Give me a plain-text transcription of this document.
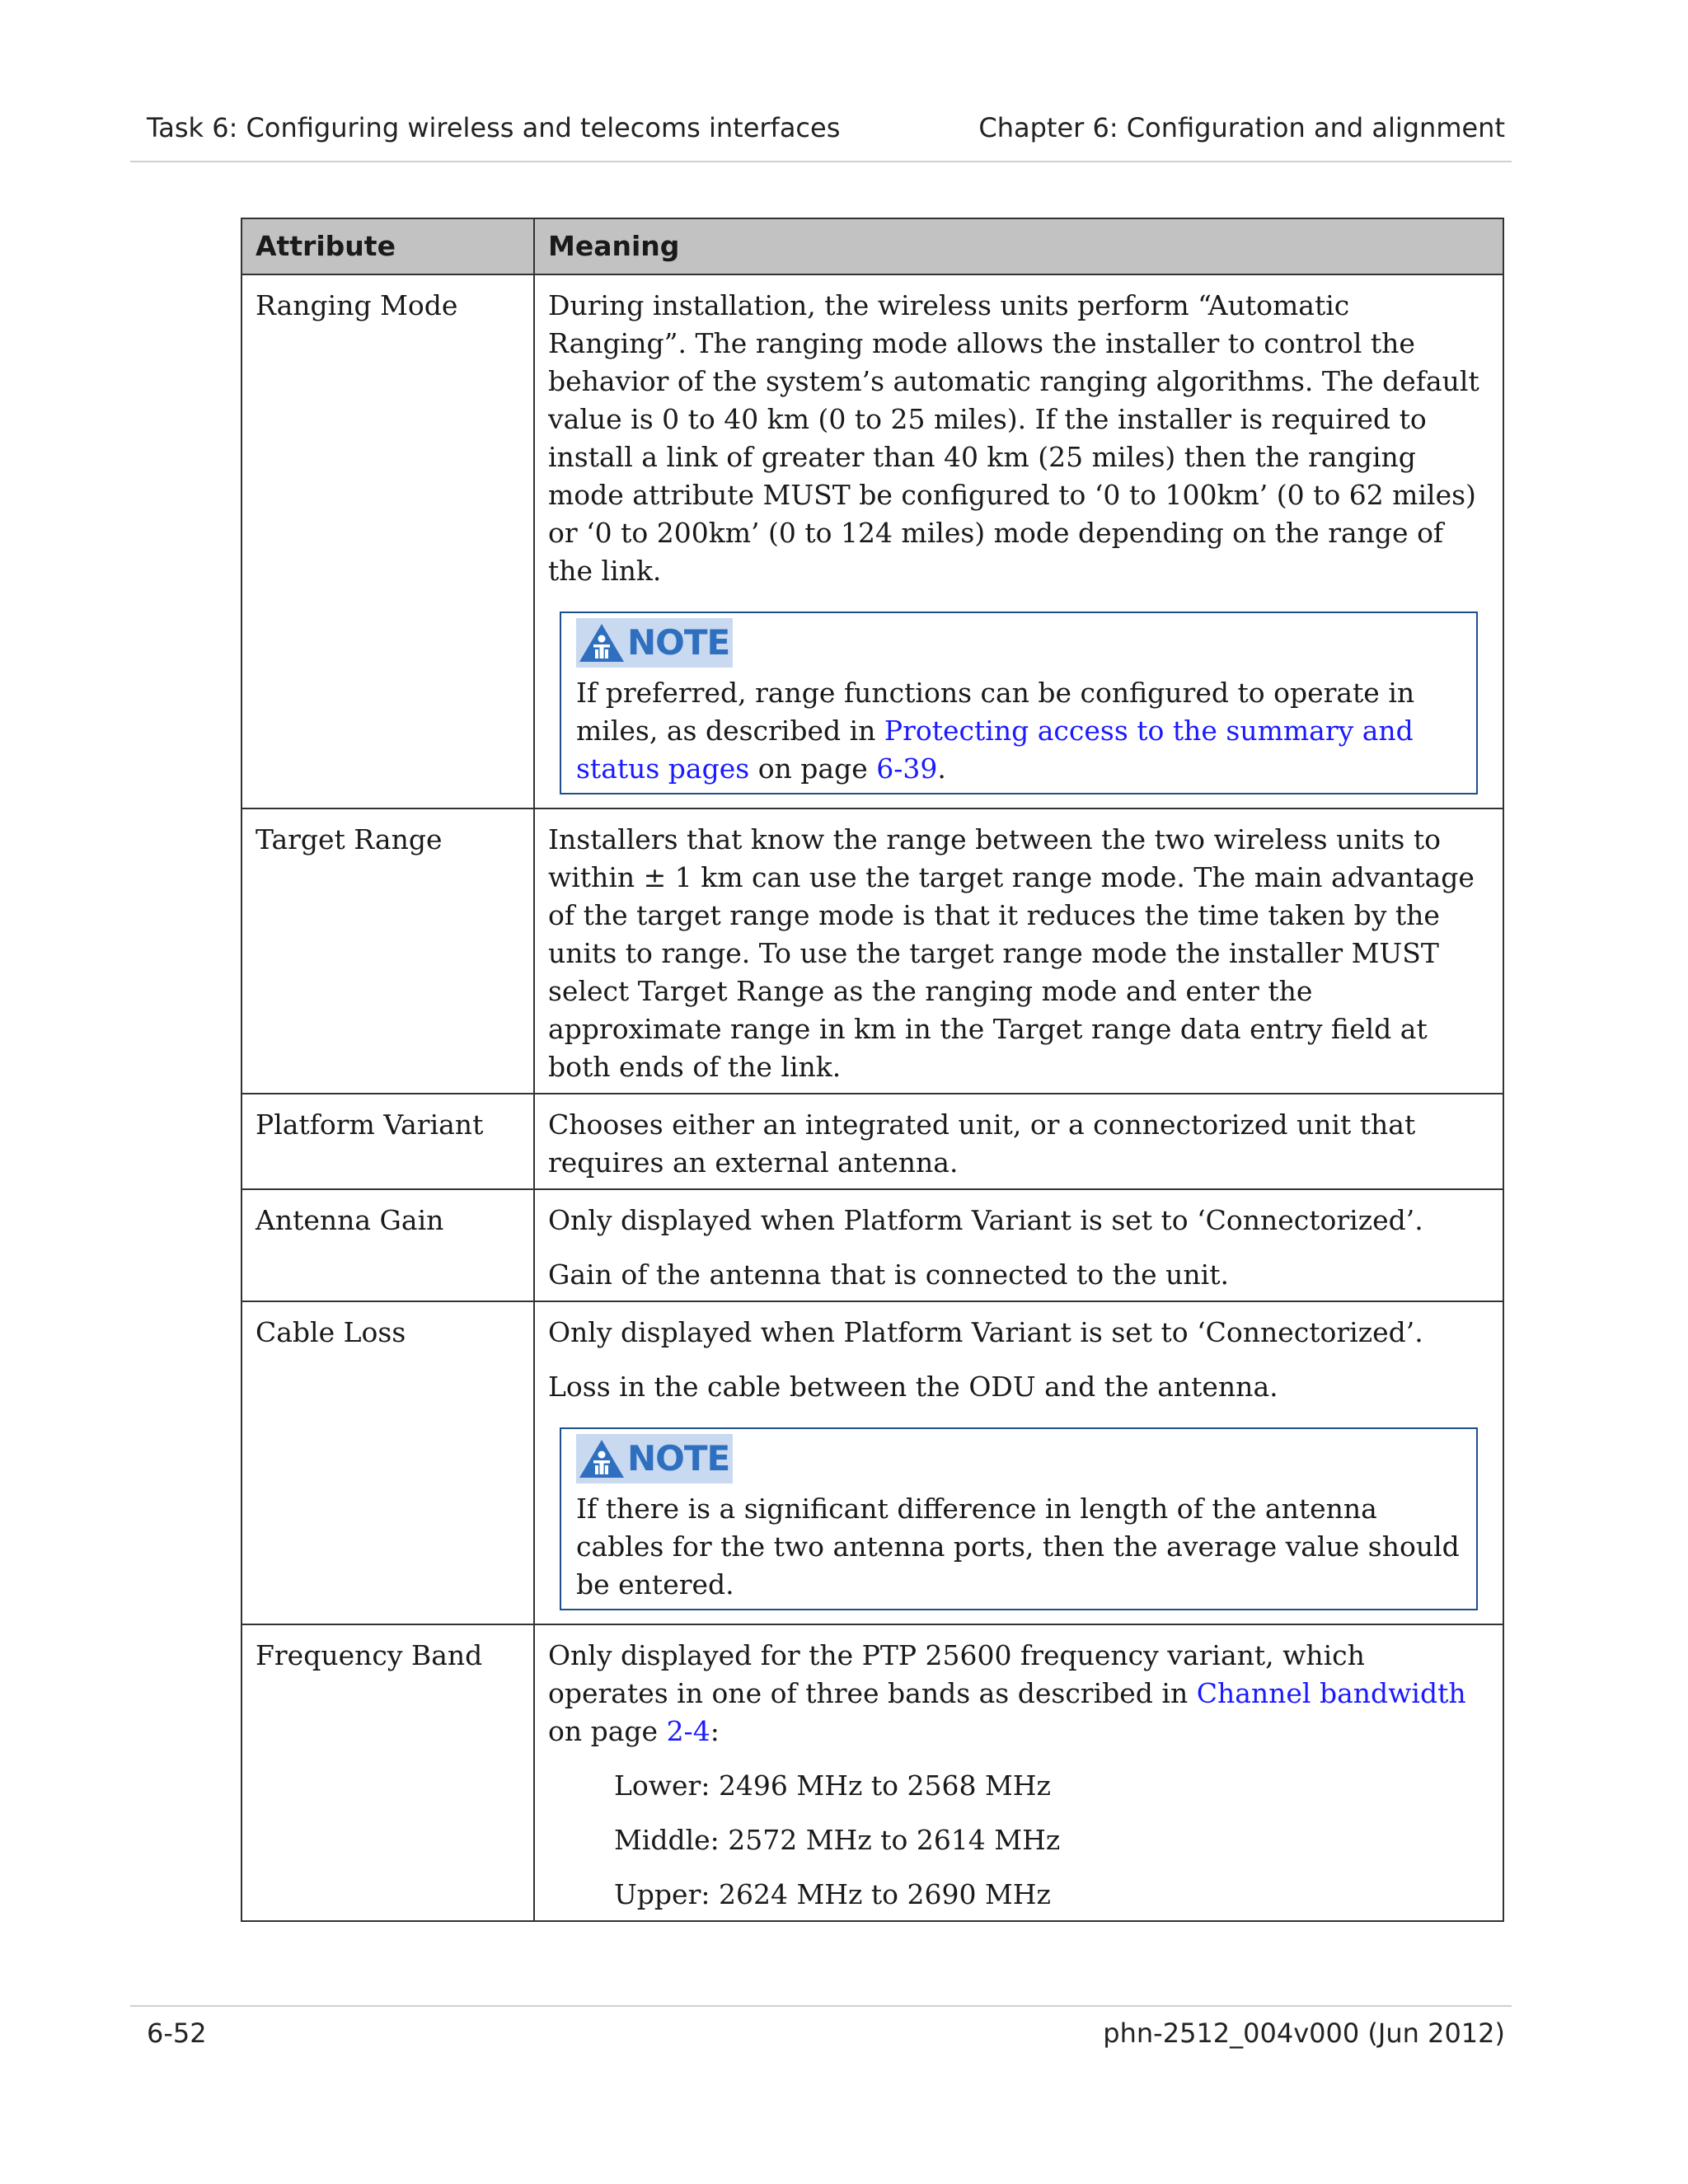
Task 6: Configuring wireless and telecoms interfaces	Chapter 6: Configuration and alignment
Attribute	Meaning
Ranging Mode	During installation, the wireless units perform “Automatic Ranging”. The ranging mode allows the installer to control the behavior of the system’s automatic ranging algorithms. The default value is 0 to 40 km (0 to 25 miles). If the installer is required to install a link of greater than 40 km (25 miles) then the ranging mode attribute MUST be configured to ‘0 to 100km’ (0 to 62 miles) or ‘0 to 200km’ (0 to 124 miles) mode depending on the range of the link.

NOTE
If preferred, range functions can be configured to operate in miles, as described in Protecting access to the summary and status pages on page 6-39.

Target Range	Installers that know the range between the two wireless units to within ± 1 km can use the target range mode. The main advantage of the target range mode is that it reduces the time taken by the units to range. To use the target range mode the installer MUST select Target Range as the ranging mode and enter the approximate range in km in the Target range data entry field at both ends of the link.
Platform Variant	Chooses either an integrated unit, or a connectorized unit that requires an external antenna.
Antenna Gain	Only displayed when Platform Variant is set to ‘Connectorized’.

Gain of the antenna that is connected to the unit.

Cable Loss	Only displayed when Platform Variant is set to ‘Connectorized’.

Loss in the cable between the ODU and the antenna.

NOTE
If there is a significant difference in length of the antenna cables for the two antenna ports, then the average value should be entered.

Frequency Band	Only displayed for the PTP 25600 frequency variant, which operates in one of three bands as described in Channel bandwidth on page 2-4:

Lower: 2496 MHz to 2568 MHz

Middle: 2572 MHz to 2614 MHz

Upper: 2624 MHz to 2690 MHz

6-52	phn-2512_004v000 (Jun 2012)
